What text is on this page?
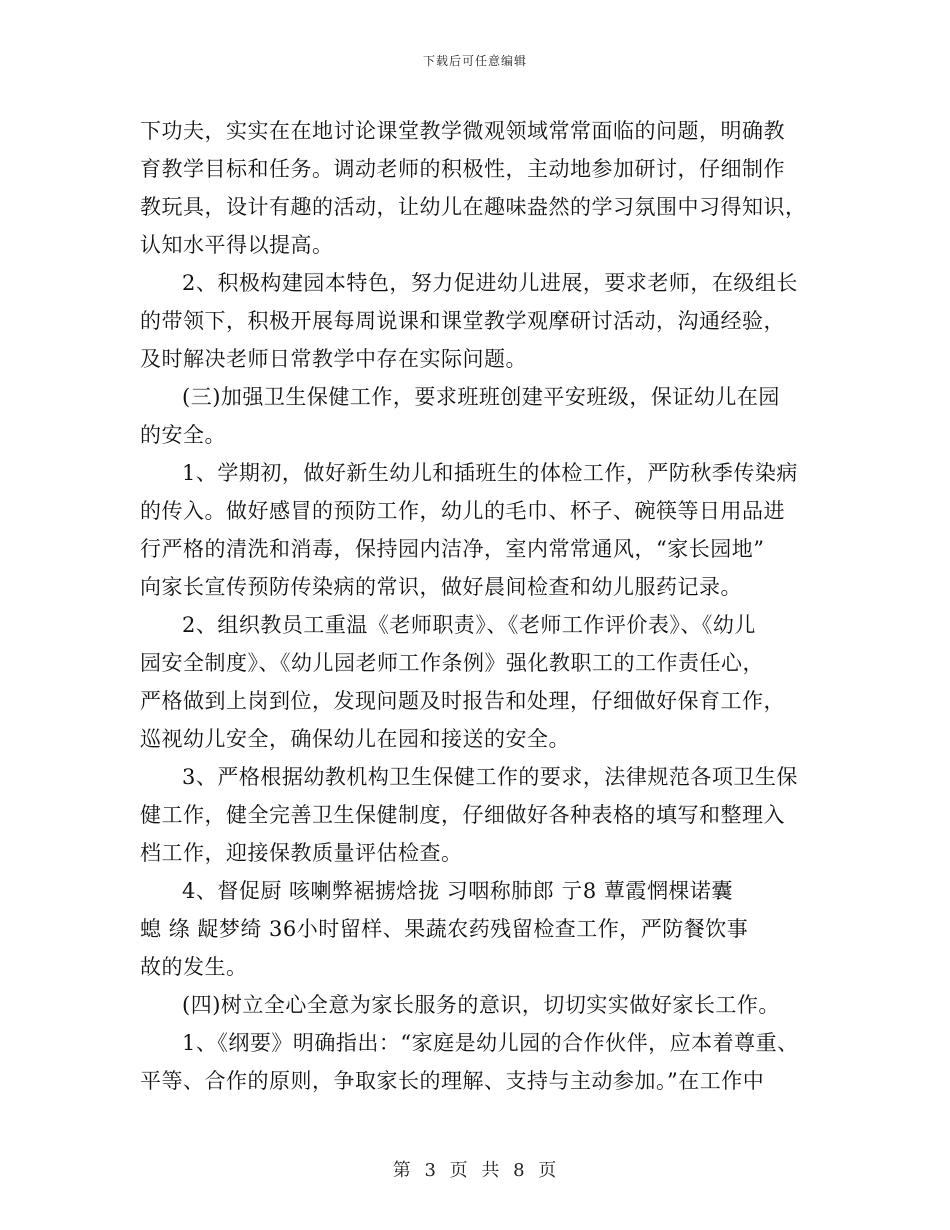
下载后可任意编辑
下功夫，实实在在地讨论课堂教学微观领域常常面临的问题，明确教
育教学目标和任务。调动老师的积极性，主动地参加研讨，仔细制作
教玩具，设计有趣的活动，让幼儿在趣味盎然的学习氛围中习得知识，
认知水平得以提高。
2、积极构建园本特色，努力促进幼儿进展，要求老师，在级组长
的带领下，积极开展每周说课和课堂教学观摩研讨活动，沟通经验，
及时解决老师日常教学中存在实际问题。
(三)加强卫生保健工作，要求班班创建平安班级，保证幼儿在园
的安全。
1、学期初，做好新生幼儿和插班生的体检工作，严防秋季传染病
的传入。做好感冒的预防工作，幼儿的毛巾、杯子、碗筷等日用品进
行严格的清洗和消毒，保持园内洁净，室内常常通风，“家长园地”
向家长宣传预防传染病的常识，做好晨间检查和幼儿服药记录。
2、组织教员工重温《老师职责》、《老师工作评价表》、《幼儿
园安全制度》、《幼儿园老师工作条例》强化教职工的工作责任心，
严格做到上岗到位，发现问题及时报告和处理，仔细做好保育工作，
巡视幼儿安全，确保幼儿在园和接送的安全。
3、严格根据幼教机构卫生保健工作的要求，法律规范各项卫生保
健工作，健全完善卫生保健制度，仔细做好各种表格的填写和整理入
档工作，迎接保教质量评估检查。
4、督促厨 咳喇弊裾掳焓拢 习咽称肺郎 亍8 蕈霞惘棵诺囊
螅 绦 龊梦绮 36小时留样、果蔬农药残留检查工作，严防餐饮事
故的发生。
(四)树立全心全意为家长服务的意识，切切实实做好家长工作。
1、《纲要》明确指出：“家庭是幼儿园的合作伙伴，应本着尊重、
平等、合作的原则，争取家长的理解、支持与主动参加。”在工作中
第 3 页 共 8 页
